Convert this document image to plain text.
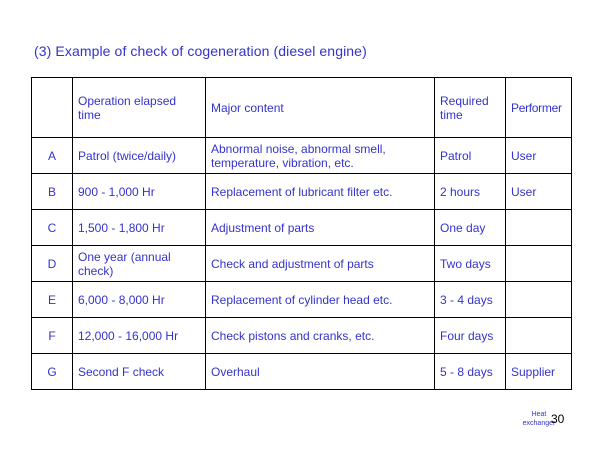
(3) Example of check of cogeneration (diesel engine)
	Operation elapsed time	Major content	Required time	Performer
A	Patrol (twice/daily)	Abnormal noise, abnormal smell, temperature, vibration, etc.	Patrol	User
B	900 - 1,000 Hr	Replacement of lubricant filter etc.	2 hours	User
C	1,500 - 1,800 Hr	Adjustment of parts	One day	
D	One year (annual check)	Check and adjustment of parts	Two days	
E	6,000 - 8,000 Hr	Replacement of cylinder head etc.	3 - 4 days	
F	12,000 - 16,000 Hr	Check pistons and cranks, etc.	Four days	
G	Second F check	Overhaul	5 - 8 days	Supplier
Heat
exchanger
30
